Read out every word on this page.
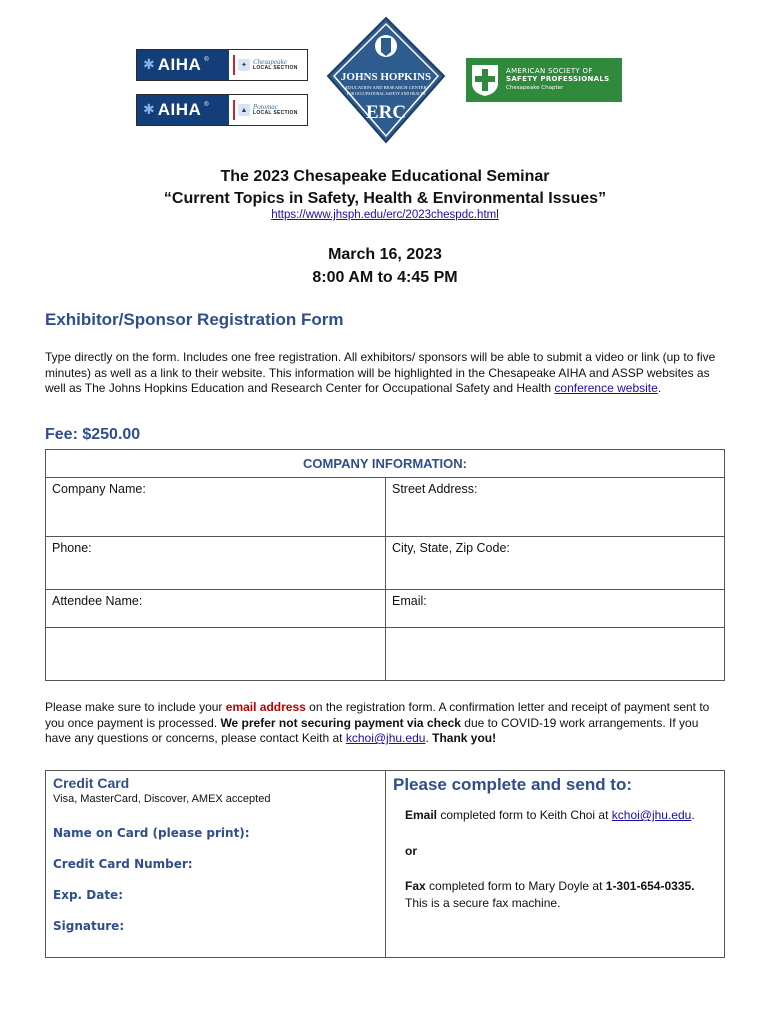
✱ AIHA ®
✦ Chesapeake
LOCAL SECTION
✱ AIHA ®
▲ Potomac
LOCAL SECTION
JOHNS HOPKINS
EDUCATION AND RESEARCH CENTER
FOR OCCUPATIONAL SAFETY AND HEALTH
ERC
AMERICAN SOCIETY OF
SAFETY PROFESSIONALS
Chesapeake Chapter
The 2023 Chesapeake Educational Seminar
“Current Topics in Safety, Health & Environmental Issues”
https://www.jhsph.edu/erc/2023chespdc.html
March 16, 2023
8:00 AM to 4:45 PM
Exhibitor/Sponsor Registration Form
Type directly on the form. Includes one free registration. All exhibitors/ sponsors will be able to submit a video or link (up to five minutes) as well as a link to their website. This information will be highlighted in the Chesapeake AIHA and ASSP websites as well as The Johns Hopkins Education and Research Center for Occupational Safety and Health conference website.
Fee: $250.00
COMPANY INFORMATION:
Company Name:	Street Address:
Phone:	City, State, Zip Code:
Attendee Name:	Email:
Please make sure to include your email address on the registration form. A confirmation letter and receipt of payment sent to you once payment is processed. We prefer not securing payment via check due to COVID-19 work arrangements. If you have any questions or concerns, please contact Keith at kchoi@jhu.edu. Thank you!
Credit Card
Visa, MasterCard, Discover, AMEX accepted
Name on Card (please print):
Credit Card Number:
Exp. Date:
Signature:
Please complete and send to:
Email completed form to Keith Choi at kchoi@jhu.edu.
or
Fax completed form to Mary Doyle at 1-301-654-0335.
This is a secure fax machine.
